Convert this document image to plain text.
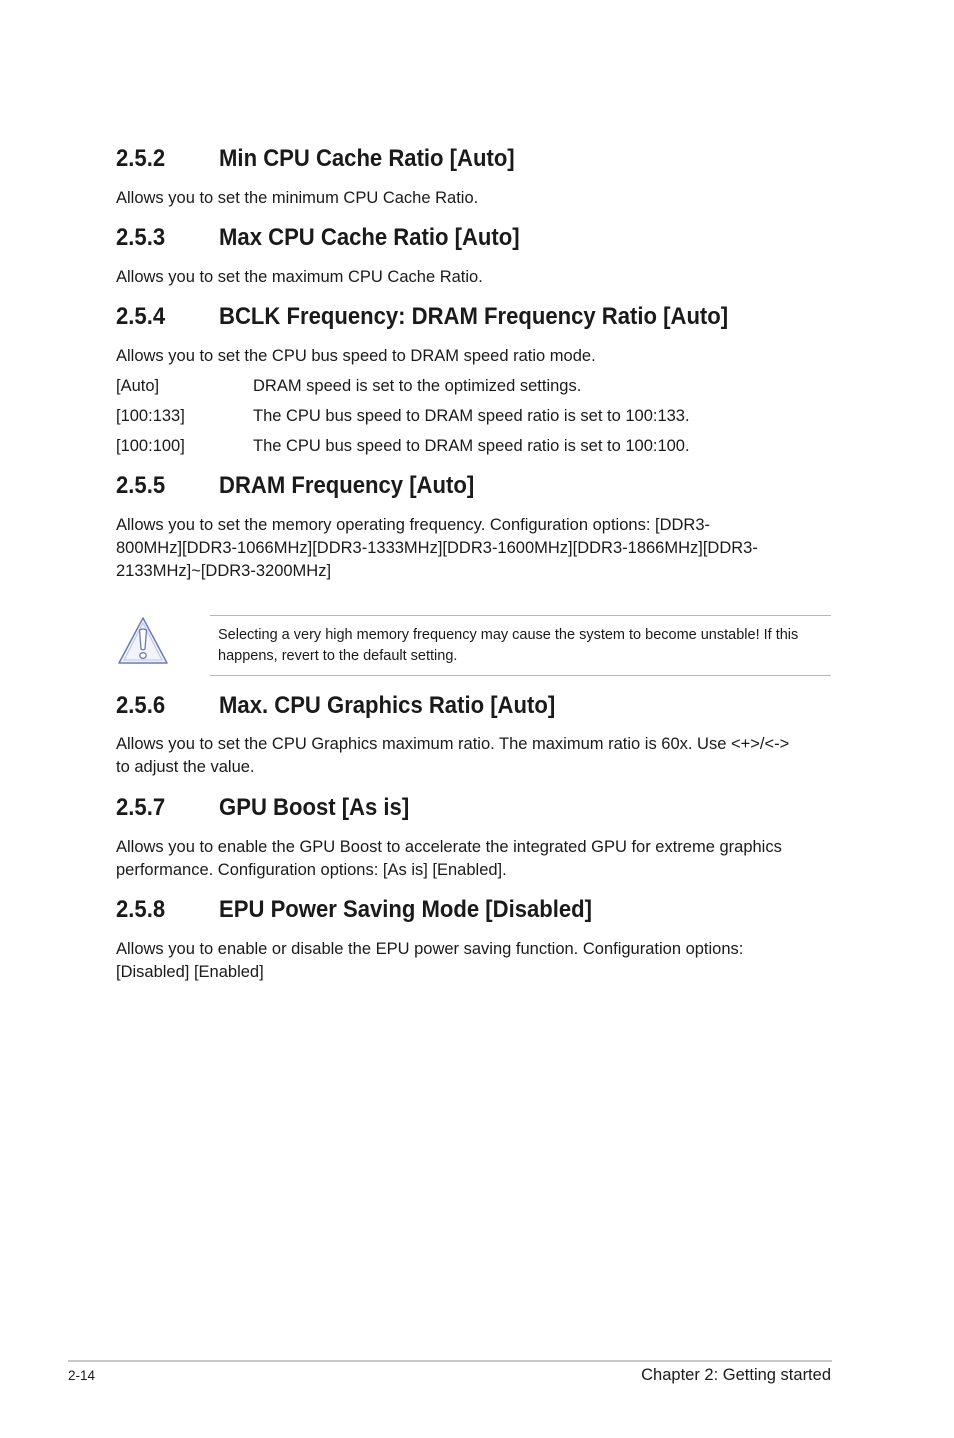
2.5.2 Min CPU Cache Ratio [Auto]

Allows you to set the minimum CPU Cache Ratio.

2.5.3 Max CPU Cache Ratio [Auto]

Allows you to set the maximum CPU Cache Ratio.

2.5.4 BCLK Frequency: DRAM Frequency Ratio [Auto]

Allows you to set the CPU bus speed to DRAM speed ratio mode.

[Auto]	DRAM speed is set to the optimized settings.
[100:133]	The CPU bus speed to DRAM speed ratio is set to 100:133.
[100:100]	The CPU bus speed to DRAM speed ratio is set to 100:100.
2.5.5 DRAM Frequency [Auto]

Allows you to set the memory operating frequency. Configuration options: [DDR3-

800MHz][DDR3-1066MHz][DDR3-1333MHz][DDR3-1600MHz][DDR3-1866MHz][DDR3-

2133MHz]~[DDR3-3200MHz]

Selecting a very high memory frequency may cause the system to become unstable! If this
happens, revert to the default setting.

2.5.6 Max. CPU Graphics Ratio [Auto]

Allows you to set the CPU Graphics maximum ratio. The maximum ratio is 60x. Use <+>/<->

to adjust the value.

2.5.7 GPU Boost [As is]

Allows you to enable the GPU Boost to accelerate the integrated GPU for extreme graphics

performance. Configuration options: [As is] [Enabled].

2.5.8 EPU Power Saving Mode [Disabled]

Allows you to enable or disable the EPU power saving function. Configuration options:

[Disabled] [Enabled]

2-14	Chapter 2: Getting started
